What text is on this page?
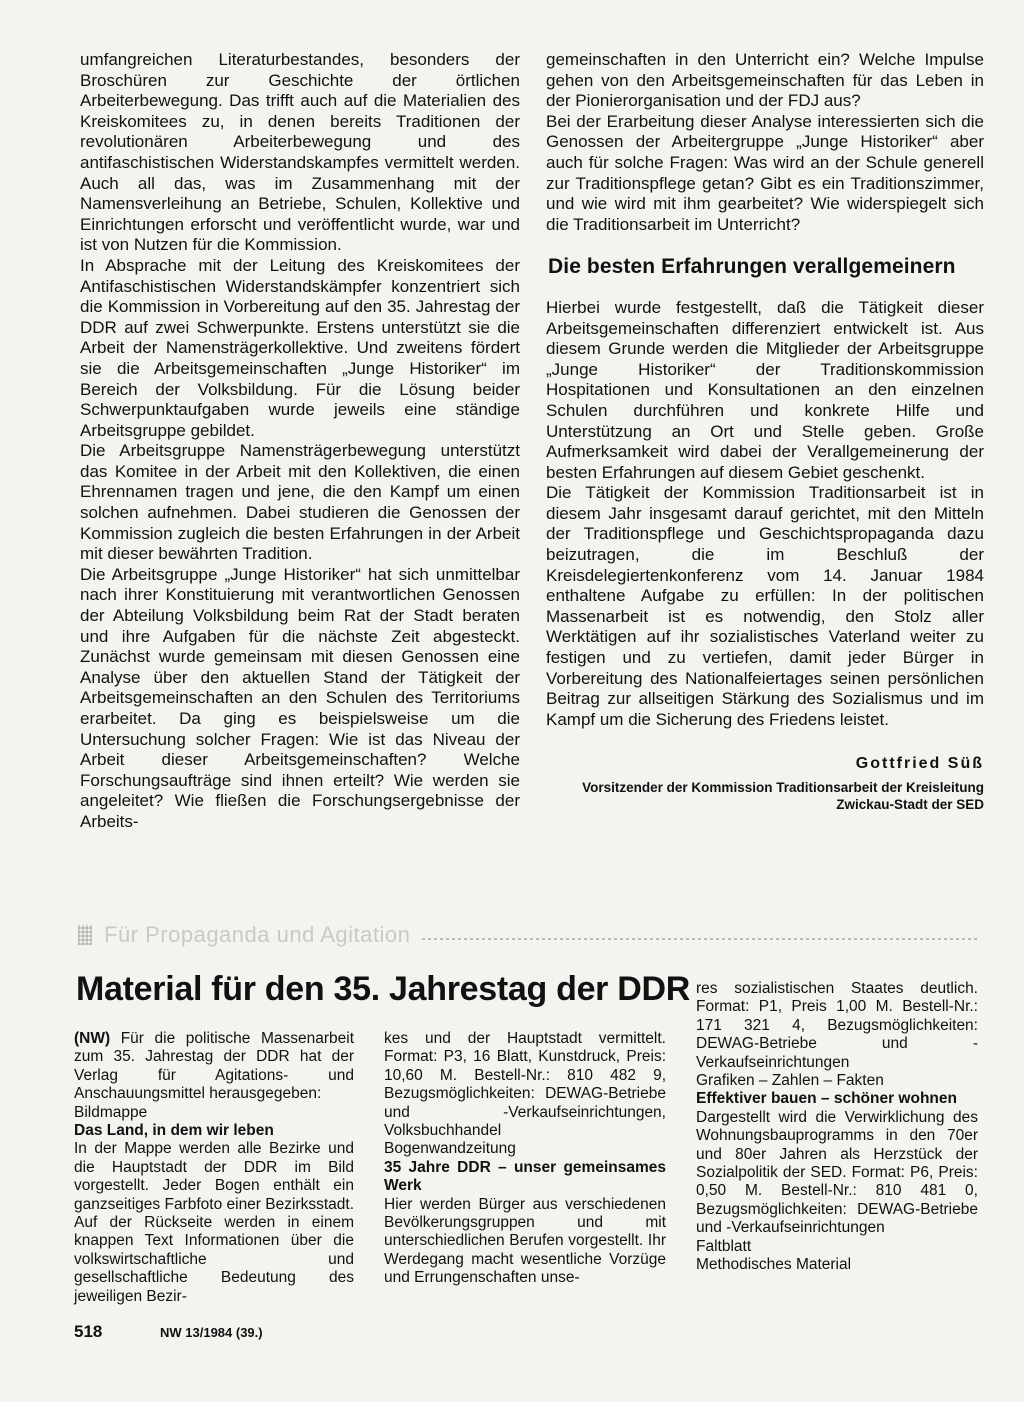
umfangreichen Literaturbestandes, besonders der Broschüren zur Geschichte der örtlichen Arbeiterbewegung. Das trifft auch auf die Materialien des Kreiskomitees zu, in denen bereits Traditionen der revolutionären Arbeiterbewegung und des antifaschistischen Widerstandskampfes vermittelt werden. Auch all das, was im Zusammenhang mit der Namensverleihung an Betriebe, Schulen, Kollektive und Einrichtungen erforscht und veröffentlicht wurde, war und ist von Nutzen für die Kommission.

In Absprache mit der Leitung des Kreiskomitees der Antifaschistischen Widerstandskämpfer konzentriert sich die Kommission in Vorbereitung auf den 35. Jahrestag der DDR auf zwei Schwerpunkte. Erstens unterstützt sie die Arbeit der Namensträgerkollektive. Und zweitens fördert sie die Arbeitsgemeinschaften „Junge Historiker“ im Bereich der Volksbildung. Für die Lösung beider Schwerpunktaufgaben wurde jeweils eine ständige Arbeitsgruppe gebildet.

Die Arbeitsgruppe Namensträgerbewegung unterstützt das Komitee in der Arbeit mit den Kollektiven, die einen Ehrennamen tragen und jene, die den Kampf um einen solchen aufnehmen. Dabei studieren die Genossen der Kommission zugleich die besten Erfahrungen in der Arbeit mit dieser bewährten Tradition.

Die Arbeitsgruppe „Junge Historiker“ hat sich unmittelbar nach ihrer Konstituierung mit verantwortlichen Genossen der Abteilung Volksbildung beim Rat der Stadt beraten und ihre Aufgaben für die nächste Zeit abgesteckt. Zunächst wurde gemeinsam mit diesen Genossen eine Analyse über den aktuellen Stand der Tätigkeit der Arbeitsgemeinschaften an den Schulen des Territoriums erarbeitet. Da ging es beispielsweise um die Untersuchung solcher Fragen: Wie ist das Niveau der Arbeit dieser Arbeitsgemeinschaften? Welche Forschungsaufträge sind ihnen erteilt? Wie werden sie angeleitet? Wie fließen die Forschungsergebnisse der Arbeits-

gemeinschaften in den Unterricht ein? Welche Impulse gehen von den Arbeitsgemeinschaften für das Leben in der Pionierorganisation und der FDJ aus?

Bei der Erarbeitung dieser Analyse interessierten sich die Genossen der Arbeitergruppe „Junge Historiker“ aber auch für solche Fragen: Was wird an der Schule generell zur Traditionspflege getan? Gibt es ein Traditionszimmer, und wie wird mit ihm gearbeitet? Wie widerspiegelt sich die Traditionsarbeit im Unterricht?

Die besten Erfahrungen verallgemeinern

Hierbei wurde festgestellt, daß die Tätigkeit dieser Arbeitsgemeinschaften differenziert entwickelt ist. Aus diesem Grunde werden die Mitglieder der Arbeitsgruppe „Junge Historiker“ der Traditionskommission Hospitationen und Konsultationen an den einzelnen Schulen durchführen und konkrete Hilfe und Unterstützung an Ort und Stelle geben. Große Aufmerksamkeit wird dabei der Verallgemeinerung der besten Erfahrungen auf diesem Gebiet geschenkt.

Die Tätigkeit der Kommission Traditionsarbeit ist in diesem Jahr insgesamt darauf gerichtet, mit den Mitteln der Traditionspflege und Geschichtspropaganda dazu beizutragen, die im Beschluß der Kreisdelegiertenkonferenz vom 14. Januar 1984 enthaltene Aufgabe zu erfüllen: In der politischen Massenarbeit ist es notwendig, den Stolz aller Werktätigen auf ihr sozialistisches Vaterland weiter zu festigen und zu vertiefen, damit jeder Bürger in Vorbereitung des Nationalfeiertages seinen persönlichen Beitrag zur allseitigen Stärkung des Sozialismus und im Kampf um die Sicherung des Friedens leistet.

Gottfried Süß
Vorsitzender der Kommission Traditionsarbeit der Kreisleitung
Zwickau-Stadt der SED
Für Propaganda und Agitation
Material für den 35. Jahrestag der DDR

(NW) Für die politische Massenarbeit zum 35. Jahrestag der DDR hat der Verlag für Agitations- und Anschauungsmittel herausgegeben:

Bildmappe

Das Land, in dem wir leben

In der Mappe werden alle Bezirke und die Hauptstadt der DDR im Bild vorgestellt. Jeder Bogen enthält ein ganzseitiges Farbfoto einer Bezirksstadt. Auf der Rückseite werden in einem knappen Text Informationen über die volkswirtschaftliche und gesellschaftliche Bedeutung des jeweiligen Bezir-

kes und der Hauptstadt vermittelt. Format: P3, 16 Blatt, Kunstdruck, Preis: 10,60 M. Bestell-Nr.: 810 482 9, Bezugsmöglichkeiten: DEWAG-Betriebe und -Verkaufseinrichtungen, Volksbuchhandel

Bogenwandzeitung

35 Jahre DDR – unser gemeinsames Werk

Hier werden Bürger aus verschiedenen Bevölkerungsgruppen und mit unterschiedlichen Berufen vorgestellt. Ihr Werdegang macht wesentliche Vorzüge und Errungenschaften unse-

res sozialistischen Staates deutlich. Format: P1, Preis 1,00 M. Bestell-Nr.: 171 321 4, Bezugsmöglichkeiten: DEWAG-Betriebe und -Verkaufseinrichtungen

Grafiken – Zahlen – Fakten

Effektiver bauen – schöner wohnen

Dargestellt wird die Verwirklichung des Wohnungsbauprogramms in den 70er und 80er Jahren als Herzstück der Sozialpolitik der SED. Format: P6, Preis: 0,50 M. Bestell-Nr.: 810 481 0, Bezugsmöglichkeiten: DEWAG-Betriebe und -Verkaufseinrichtungen

Faltblatt

Methodisches Material

518	NW 13/1984 (39.)
